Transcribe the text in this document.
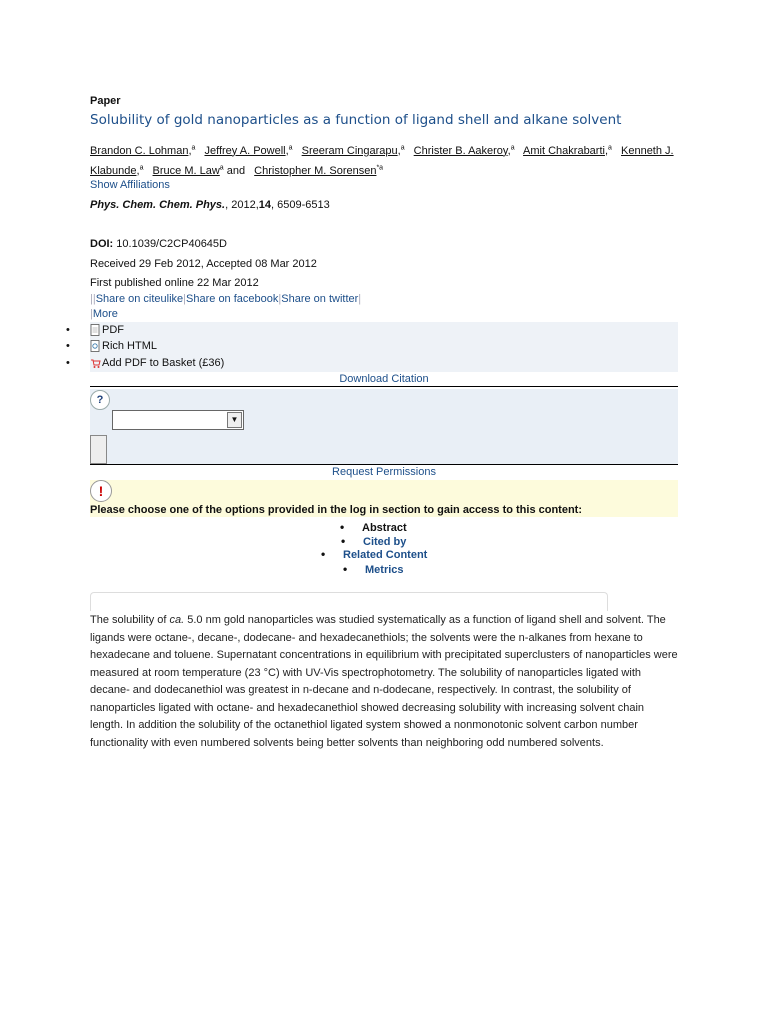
Paper
Solubility of gold nanoparticles as a function of ligand shell and alkane solvent
Brandon C. Lohman,$^a$ Jeffrey A. Powell,$^a$ Sreeram Cingarapu,$^a$ Christer B. Aakeroy,$^a$ Amit Chakrabarti,$^a$ Kenneth J. Klabunde,$^a$ Bruce M. Law$^a$ and Christopher M. Sorensen$^{*a}$
Show Affiliations
Phys. Chem. Chem. Phys., 2012,14, 6509-6513
DOI: 10.1039/C2CP40645D
Received 29 Feb 2012, Accepted 08 Mar 2012
First published online 22 Mar 2012
||Share on citeulike|Share on facebook|Share on twitter|
|More
•	PDF
•	Rich HTML
•	Add PDF to Basket (£36)
Download Citation
?
▼
Request Permissions
!
Please choose one of the options provided in the log in section to gain access to this content:
• Abstract
• Cited by
• Related Content
• Metrics
The solubility of ca. 5.0 nm gold nanoparticles was studied systematically as a function of ligand shell and solvent. The ligands were octane-, decane-, dodecane- and hexadecanethiols; the solvents were the n-alkanes from hexane to hexadecane and toluene. Supernatant concentrations in equilibrium with precipitated superclusters of nanoparticles were measured at room temperature (23 °C) with UV-Vis spectrophotometry. The solubility of nanoparticles ligated with decane- and dodecanethiol was greatest in n-decane and n-dodecane, respectively. In contrast, the solubility of nanoparticles ligated with octane- and hexadecanethiol showed decreasing solubility with increasing solvent chain length. In addition the solubility of the octanethiol ligated system showed a nonmonotonic solvent carbon number functionality with even numbered solvents being better solvents than neighboring odd numbered solvents.
